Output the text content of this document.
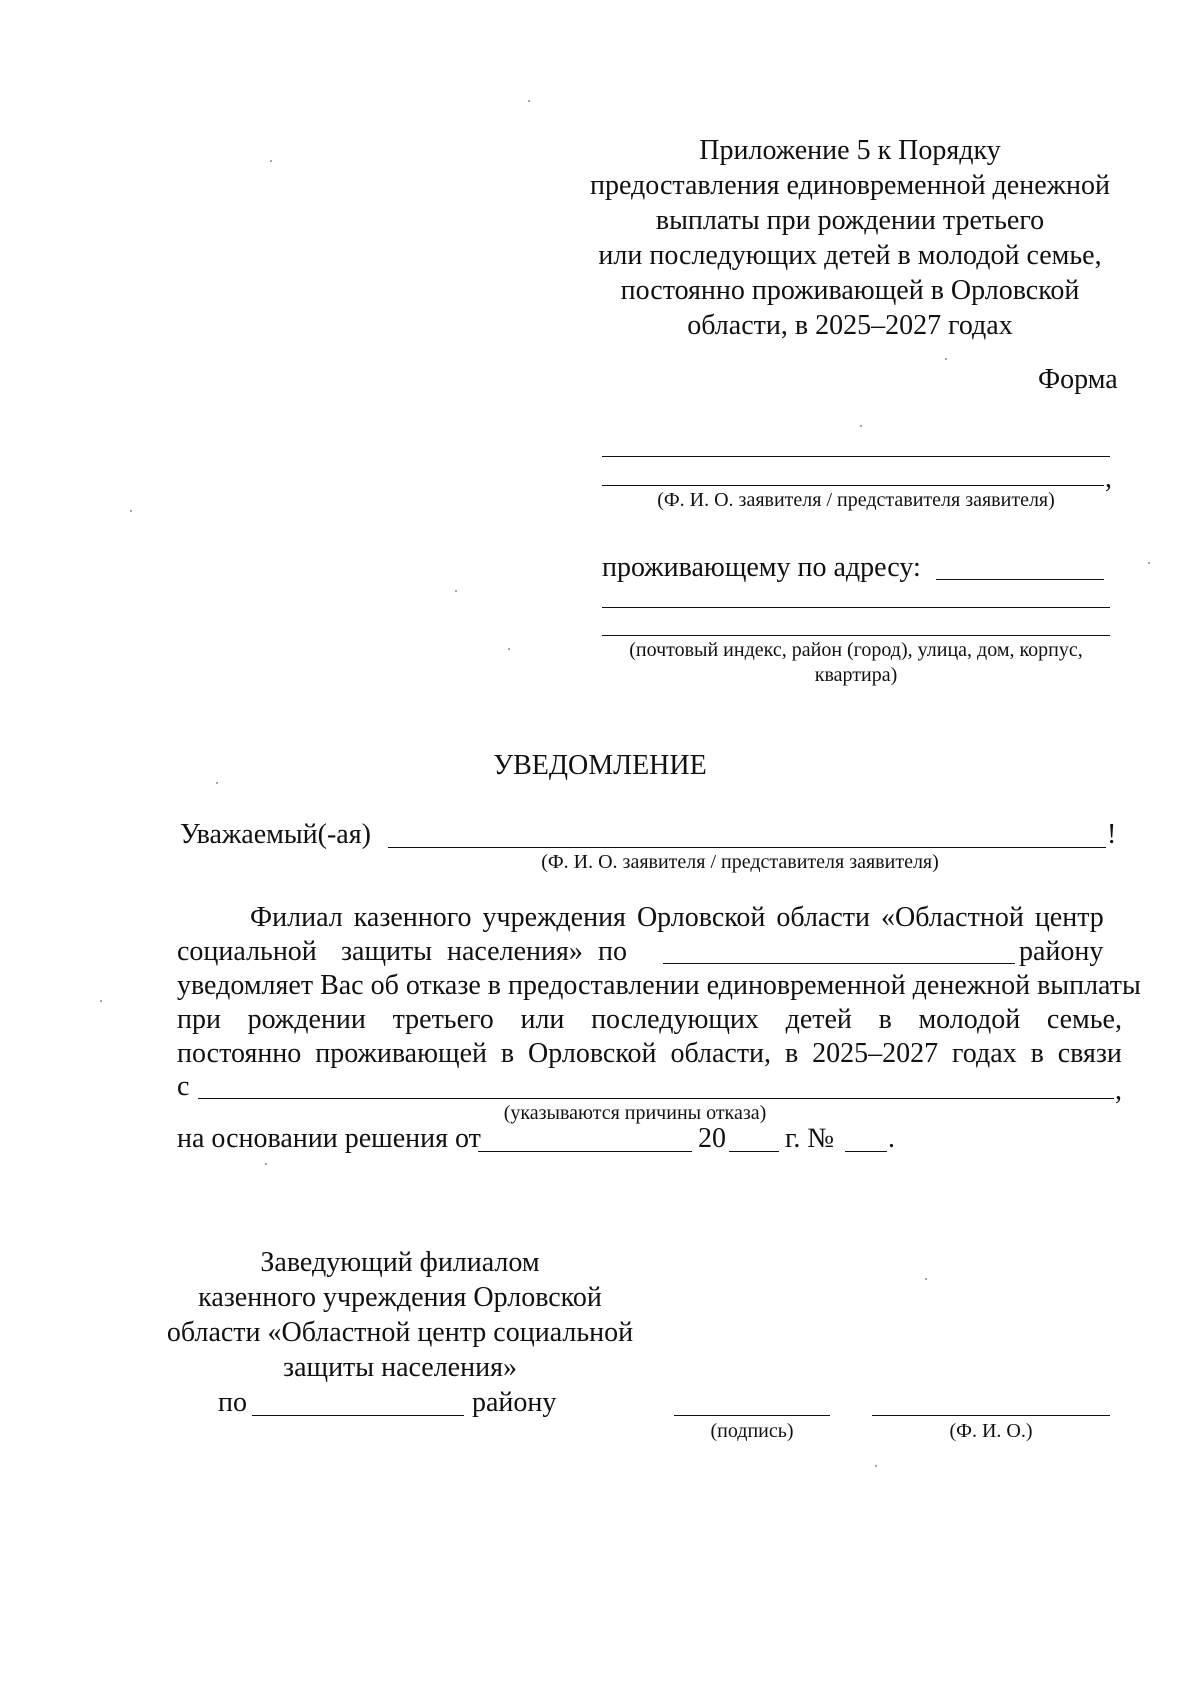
Приложение 5 к Порядку
предоставления единовременной денежной
выплаты при рождении третьего
или последующих детей в молодой семье,
постоянно проживающей в Орловской
области, в 2025–2027 годах
Форма
,
(Ф. И. О. заявителя / представителя заявителя)
проживающему по адресу:
(почтовый индекс, район (город), улица, дом, корпус,
квартира)
УВЕДОМЛЕНИЕ
Уважаемый(-ая)	!
(Ф. И. О. заявителя / представителя заявителя)
Филиал казенного учреждения Орловской области «Областной центр
социальной защиты населения» по	району
уведомляет Вас об отказе в предоставлении единовременной денежной выплаты
при рождении третьего или последующих детей в молодой семье,
постоянно проживающей в Орловской области, в 2025–2027 годах в связи
с	,
(указываются причины отказа)
на основании решения от	20 г. № .
Заведующий филиалом
казенного учреждения Орловской
области «Областной центр социальной
защиты населения»
по	району
(подпись)	(Ф. И. О.)
